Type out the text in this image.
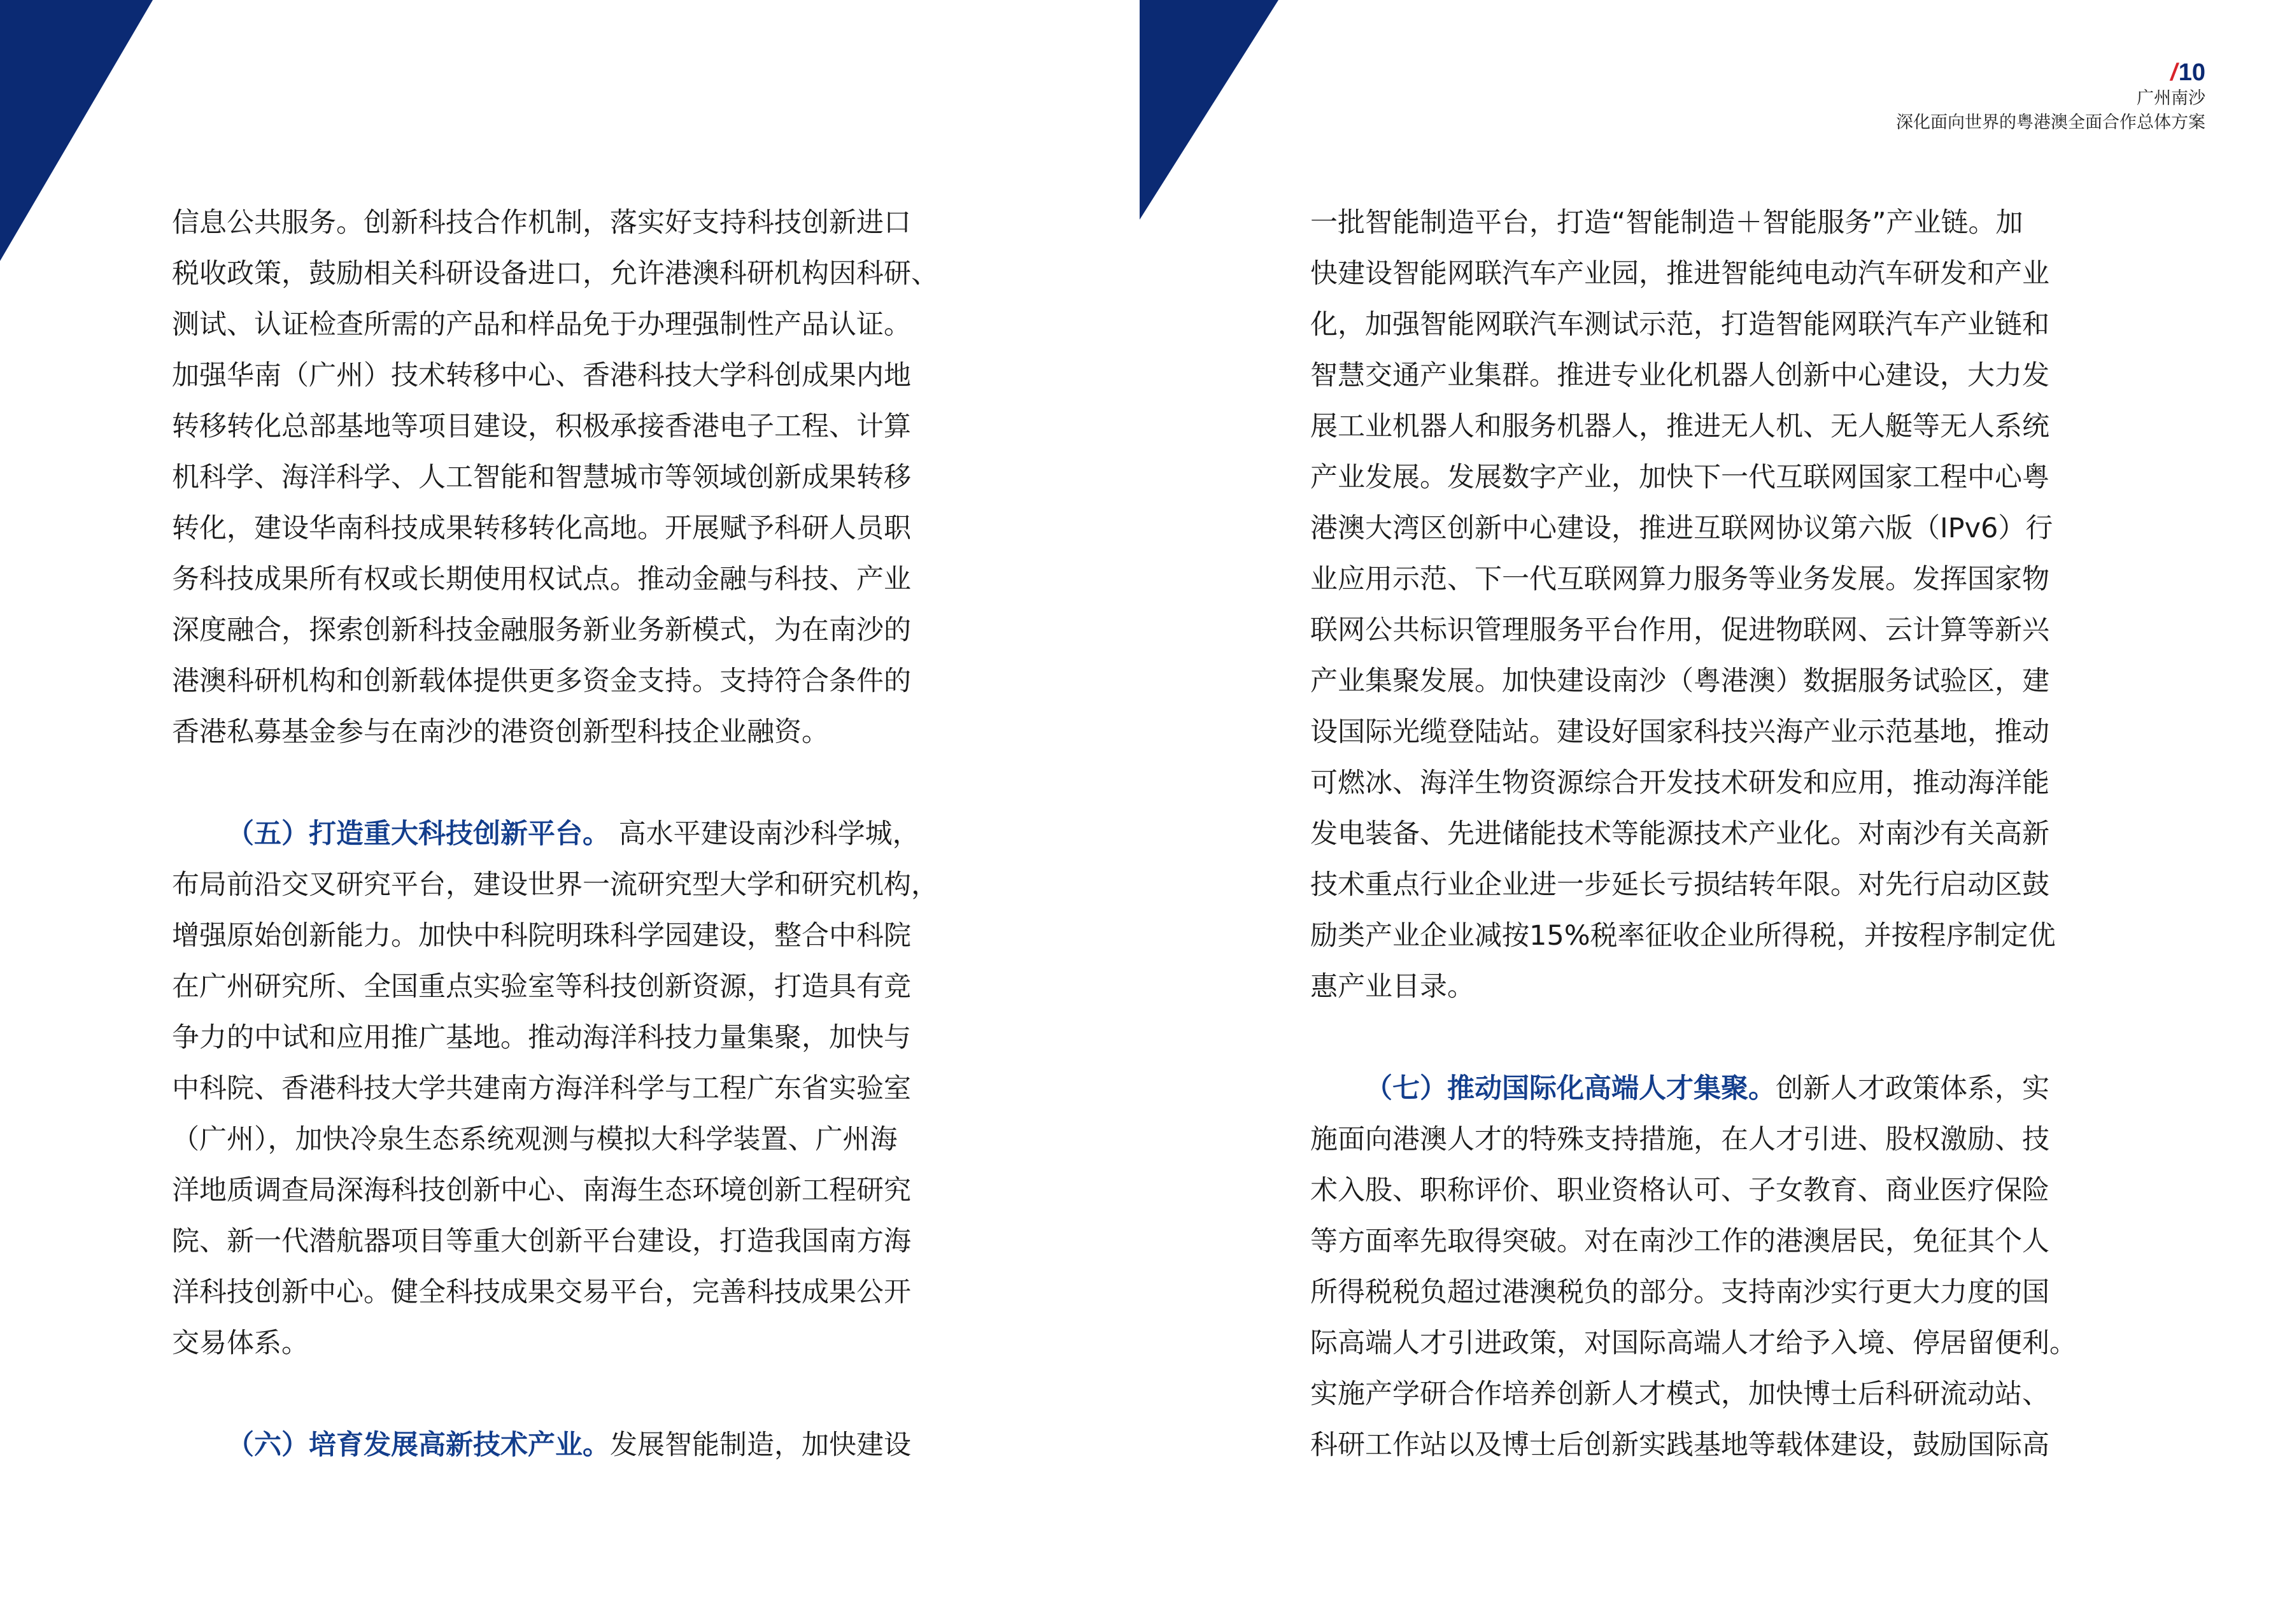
/10
广州南沙
深化面向世界的粤港澳全面合作总体方案
信息公共服务。创新科技合作机制，落实好支持科技创新进口
税收政策，鼓励相关科研设备进口，允许港澳科研机构因科研、
测试、认证检查所需的产品和样品免于办理强制性产品认证。
加强华南（广州）技术转移中心、香港科技大学科创成果内地
转移转化总部基地等项目建设，积极承接香港电子工程、计算
机科学、海洋科学、人工智能和智慧城市等领域创新成果转移
转化，建设华南科技成果转移转化高地。开展赋予科研人员职
务科技成果所有权或长期使用权试点。推动金融与科技、产业
深度融合，探索创新科技金融服务新业务新模式，为在南沙的
港澳科研机构和创新载体提供更多资金支持。支持符合条件的
香港私募基金参与在南沙的港资创新型科技企业融资。
（五）打造重大科技创新平台。 高水平建设南沙科学城，
布局前沿交叉研究平台，建设世界一流研究型大学和研究机构，
增强原始创新能力。加快中科院明珠科学园建设，整合中科院
在广州研究所、全国重点实验室等科技创新资源，打造具有竞
争力的中试和应用推广基地。推动海洋科技力量集聚，加快与
中科院、香港科技大学共建南方海洋科学与工程广东省实验室
（广州），加快冷泉生态系统观测与模拟大科学装置、广州海
洋地质调查局深海科技创新中心、南海生态环境创新工程研究
院、新一代潜航器项目等重大创新平台建设，打造我国南方海
洋科技创新中心。健全科技成果交易平台，完善科技成果公开
交易体系。
（六）培育发展高新技术产业。发展智能制造，加快建设
一批智能制造平台，打造“智能制造＋智能服务”产业链。加
快建设智能网联汽车产业园，推进智能纯电动汽车研发和产业
化，加强智能网联汽车测试示范，打造智能网联汽车产业链和
智慧交通产业集群。推进专业化机器人创新中心建设，大力发
展工业机器人和服务机器人，推进无人机、无人艇等无人系统
产业发展。发展数字产业，加快下一代互联网国家工程中心粤
港澳大湾区创新中心建设，推进互联网协议第六版（IPv6）行
业应用示范、下一代互联网算力服务等业务发展。发挥国家物
联网公共标识管理服务平台作用，促进物联网、云计算等新兴
产业集聚发展。加快建设南沙（粤港澳）数据服务试验区，建
设国际光缆登陆站。建设好国家科技兴海产业示范基地，推动
可燃冰、海洋生物资源综合开发技术研发和应用，推动海洋能
发电装备、先进储能技术等能源技术产业化。对南沙有关高新
技术重点行业企业进一步延长亏损结转年限。对先行启动区鼓
励类产业企业减按15%税率征收企业所得税，并按程序制定优
惠产业目录。
（七）推动国际化高端人才集聚。创新人才政策体系，实
施面向港澳人才的特殊支持措施，在人才引进、股权激励、技
术入股、职称评价、职业资格认可、子女教育、商业医疗保险
等方面率先取得突破。对在南沙工作的港澳居民，免征其个人
所得税税负超过港澳税负的部分。支持南沙实行更大力度的国
际高端人才引进政策，对国际高端人才给予入境、停居留便利。
实施产学研合作培养创新人才模式，加快博士后科研流动站、
科研工作站以及博士后创新实践基地等载体建设，鼓励国际高
